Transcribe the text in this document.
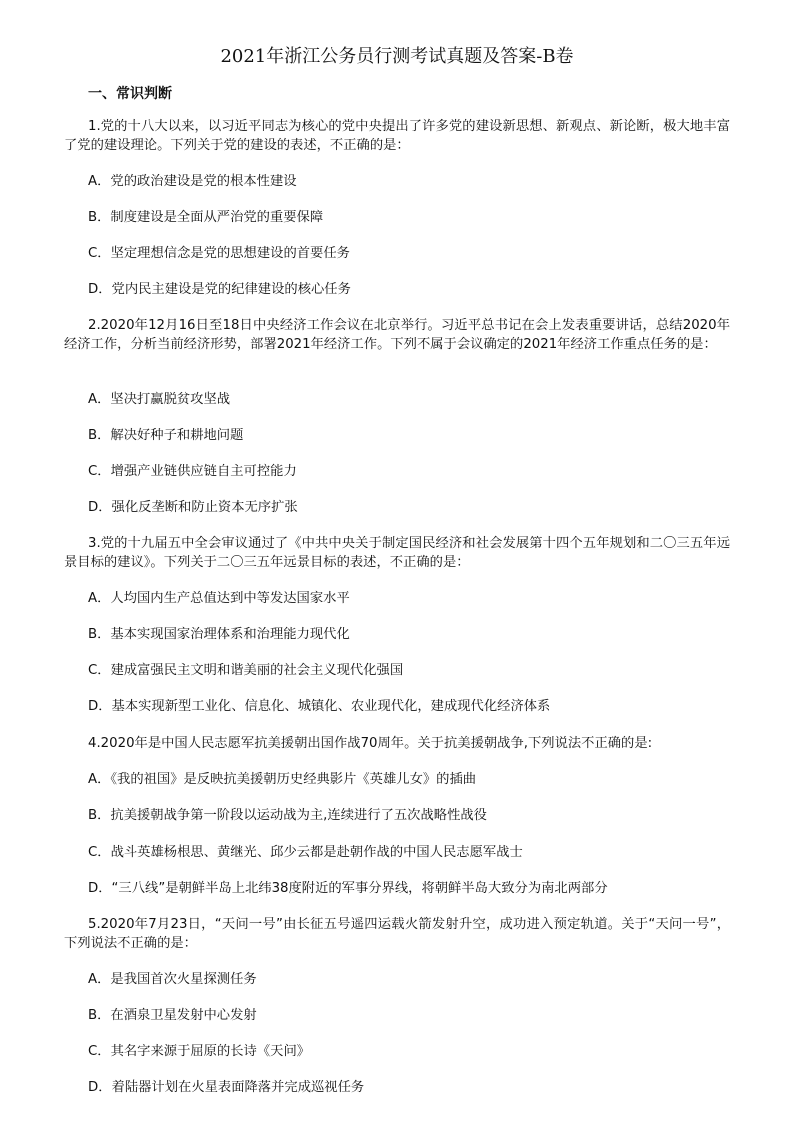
2021年浙江公务员行测考试真题及答案-B卷
一、常识判断
1.党的十八大以来，以习近平同志为核心的党中央提出了许多党的建设新思想、新观点、新论断，极大地丰富了党的建设理论。下列关于党的建设的表述，不正确的是：
A．党的政治建设是党的根本性建设
B．制度建设是全面从严治党的重要保障
C．坚定理想信念是党的思想建设的首要任务
D．党内民主建设是党的纪律建设的核心任务
2.2020年12月16日至18日中央经济工作会议在北京举行。习近平总书记在会上发表重要讲话，总结2020年经济工作，分析当前经济形势，部署2021年经济工作。下列不属于会议确定的2021年经济工作重点任务的是：
A．坚决打赢脱贫攻坚战
B．解决好种子和耕地问题
C．增强产业链供应链自主可控能力
D．强化反垄断和防止资本无序扩张
3.党的十九届五中全会审议通过了《中共中央关于制定国民经济和社会发展第十四个五年规划和二〇三五年远景目标的建议》。下列关于二〇三五年远景目标的表述，不正确的是：
A．人均国内生产总值达到中等发达国家水平
B．基本实现国家治理体系和治理能力现代化
C．建成富强民主文明和谐美丽的社会主义现代化强国
D．基本实现新型工业化、信息化、城镇化、农业现代化，建成现代化经济体系
4.2020年是中国人民志愿军抗美援朝出国作战70周年。关于抗美援朝战争,下列说法不正确的是:
A．《我的祖国》是反映抗美援朝历史经典影片《英雄儿女》的插曲
B．抗美援朝战争第一阶段以运动战为主,连续进行了五次战略性战役
C．战斗英雄杨根思、黄继光、邱少云都是赴朝作战的中国人民志愿军战士
D．“三八线”是朝鲜半岛上北纬38度附近的军事分界线，将朝鲜半岛大致分为南北两部分
5.2020年7月23日，“天问一号”由长征五号遥四运载火箭发射升空，成功进入预定轨道。关于“天问一号”，下列说法不正确的是：
A．是我国首次火星探测任务
B．在酒泉卫星发射中心发射
C．其名字来源于屈原的长诗《天问》
D．着陆器计划在火星表面降落并完成巡视任务
